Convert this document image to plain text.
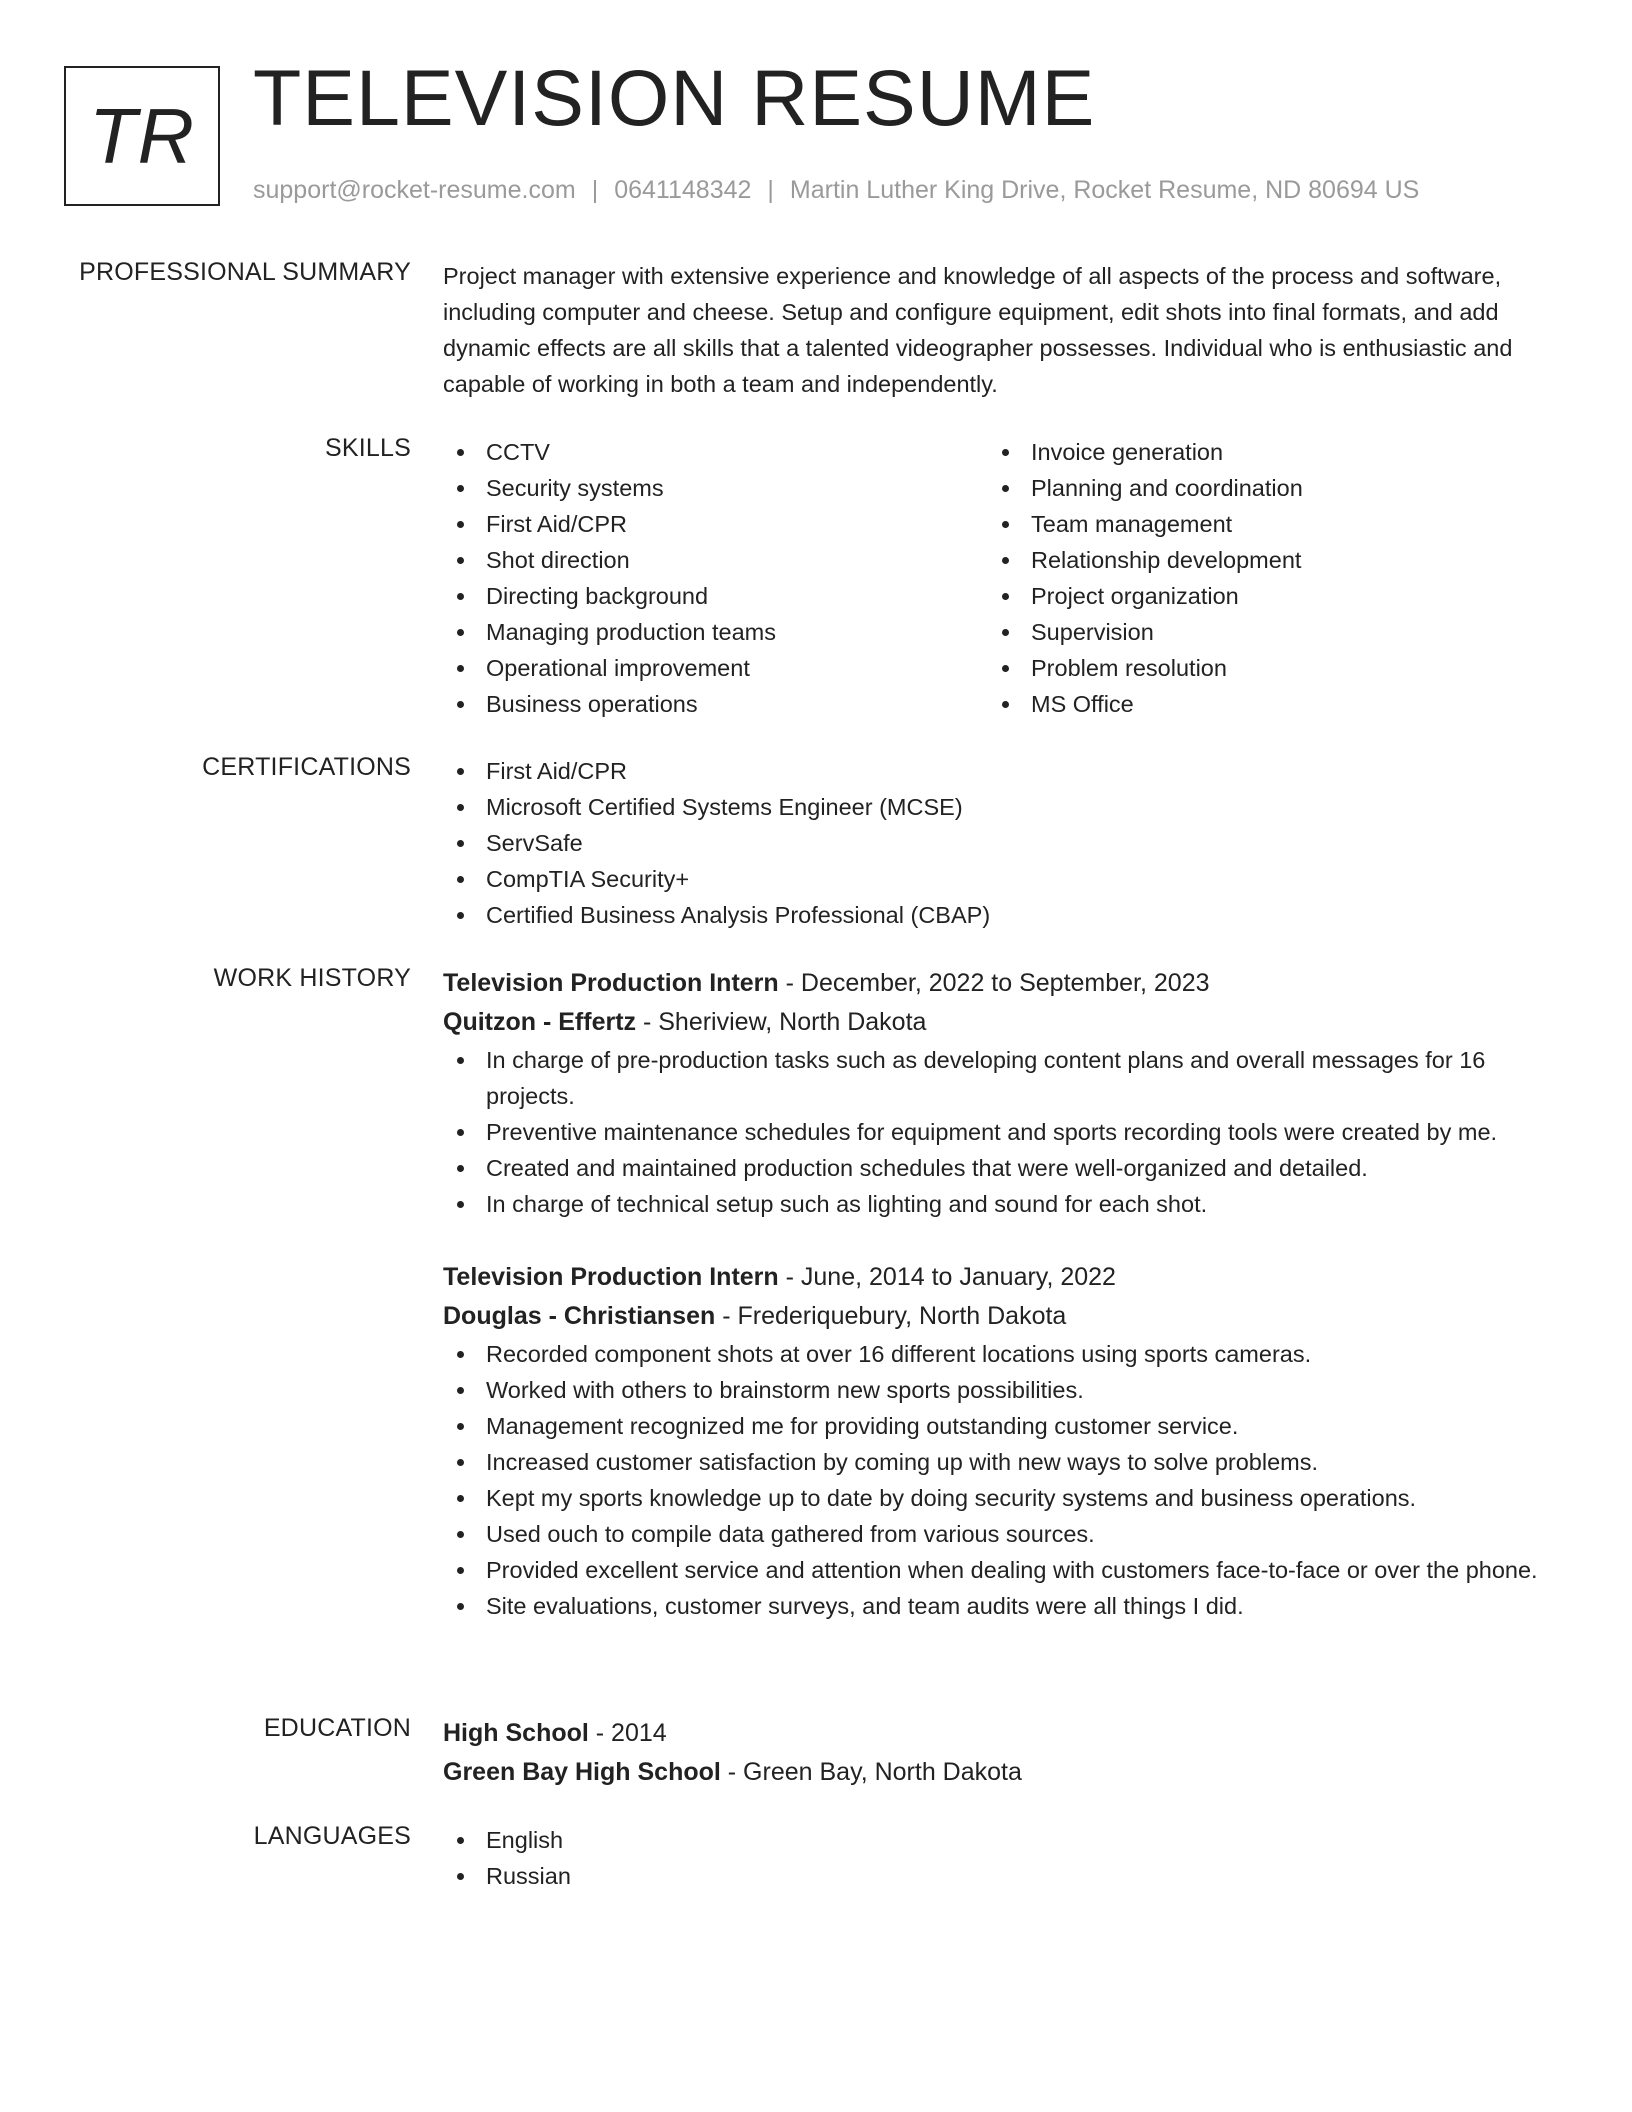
TR TELEVISION RESUME
support@rocket-resume.com | 0641148342 | Martin Luther King Drive, Rocket Resume, ND 80694 US
PROFESSIONAL SUMMARY Project manager with extensive experience and knowledge of all aspects of the process and software, including computer and cheese. Setup and configure equipment, edit shots into final formats, and add dynamic effects are all skills that a talented videographer possesses. Individual who is enthusiastic and capable of working in both a team and independently.

SKILLS	CCTV
Security systems
First Aid/CPR
Shot direction
Directing background
Managing production teams
Operational improvement
Business operations
Invoice generation
Planning and coordination
Team management
Relationship development
Project organization
Supervision
Problem resolution
MS Office
CERTIFICATIONS	First Aid/CPR
Microsoft Certified Systems Engineer (MCSE)
ServSafe
CompTIA Security+
Certified Business Analysis Professional (CBAP)
WORK HISTORY Television Production Intern - December, 2022 to September, 2023
Quitzon - Effertz - Sheriview, North Dakota
In charge of pre-production tasks such as developing content plans and overall messages for 16 projects.
Preventive maintenance schedules for equipment and sports recording tools were created by me.
Created and maintained production schedules that were well-organized and detailed.
In charge of technical setup such as lighting and sound for each shot.
Television Production Intern - June, 2014 to January, 2022
Douglas - Christiansen - Frederiquebury, North Dakota
Recorded component shots at over 16 different locations using sports cameras.
Worked with others to brainstorm new sports possibilities.
Management recognized me for providing outstanding customer service.
Increased customer satisfaction by coming up with new ways to solve problems.
Kept my sports knowledge up to date by doing security systems and business operations.
Used ouch to compile data gathered from various sources.
Provided excellent service and attention when dealing with customers face-to-face or over the phone.
Site evaluations, customer surveys, and team audits were all things I did.
EDUCATION High School - 2014
Green Bay High School - Green Bay, North Dakota
LANGUAGES	English
Russian
